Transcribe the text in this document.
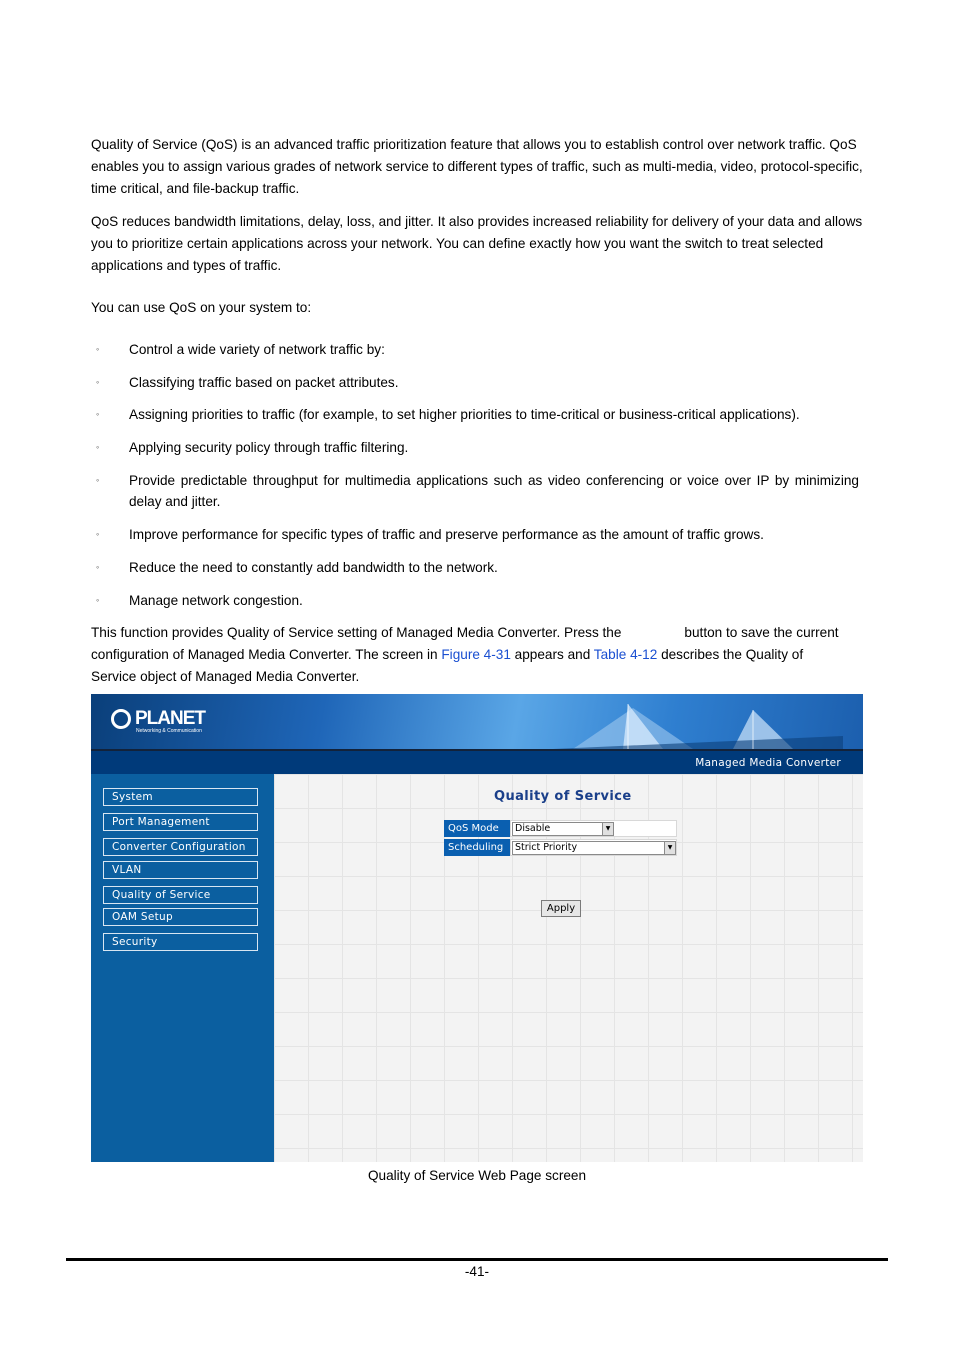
Quality of Service (QoS) is an advanced traffic prioritization feature that allows you to establish control over network traffic. QoS enables you to assign various grades of network service to different types of traffic, such as multi-media, video, protocol-specific, time critical, and file-backup traffic.

QoS reduces bandwidth limitations, delay, loss, and jitter. It also provides increased reliability for delivery of your data and allows you to prioritize certain applications across your network. You can define exactly how you want the switch to treat selected applications and types of traffic.

You can use QoS on your system to:

◦ Control a wide variety of network traffic by:
◦ Classifying traffic based on packet attributes.
◦ Assigning priorities to traffic (for example, to set higher priorities to time-critical or business-critical applications).
◦ Applying security policy through traffic filtering.
◦ Provide predictable throughput for multimedia applications such as video conferencing or voice over IP by minimizing delay and jitter.
◦ Improve performance for specific types of traffic and preserve performance as the amount of traffic grows.
◦ Reduce the need to constantly add bandwidth to the network.
◦ Manage network congestion.

This function provides Quality of Service setting of Managed Media Converter. Press the	button to save the current configuration of Managed Media Converter. The screen in Figure 4-31 appears and Table 4-12 describes the Quality of Service object of Managed Media Converter.

PLANET
Networking & Communication
Managed Media Converter
System
Port Management
Converter Configuration
VLAN
Quality of Service
OAM Setup
Security
Quality of Service
QoS Mode	Disable	▼
Scheduling	Strict Priority	▼
Apply
Quality of Service Web Page screen
-41-
